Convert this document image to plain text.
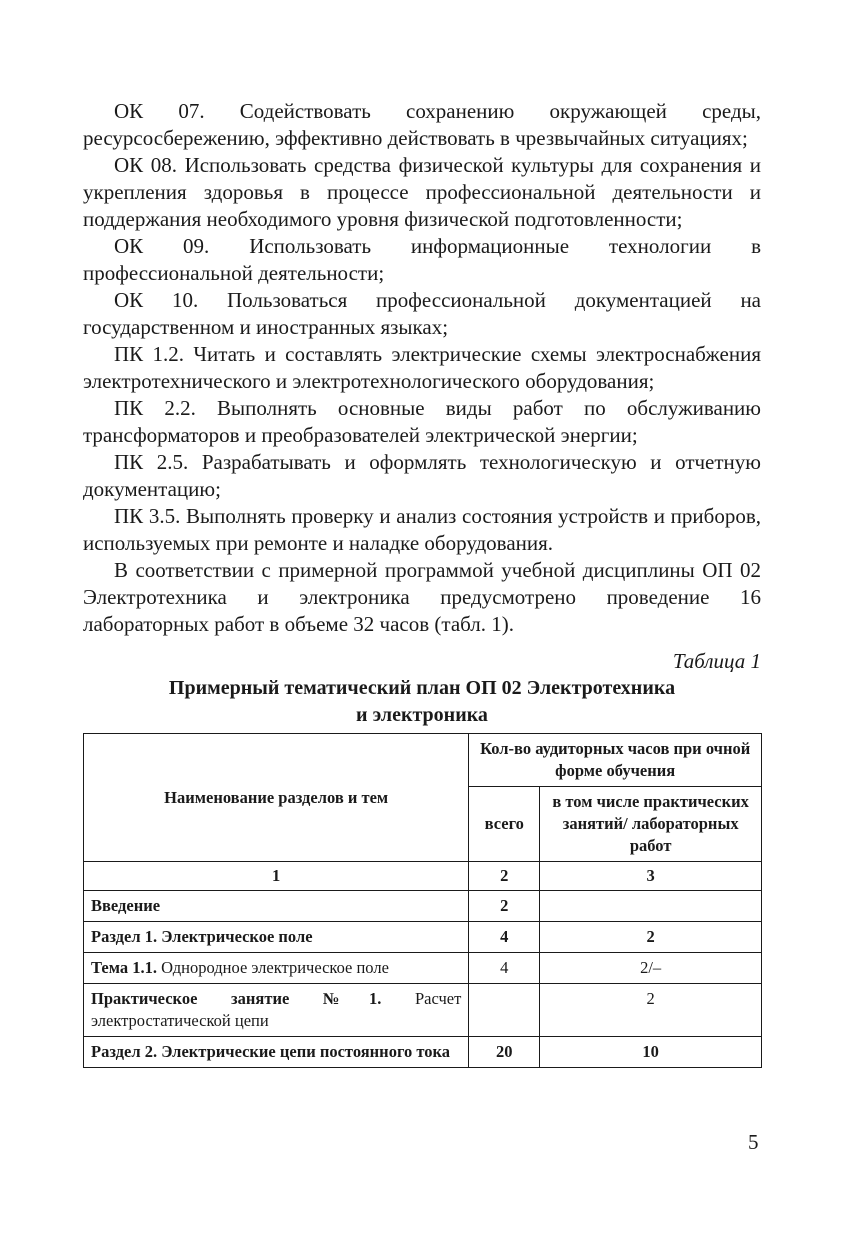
ОК 07. Содействовать сохранению окружающей среды, ресурсосбережению, эффективно действовать в чрезвычайных ситуациях;

ОК 08. Использовать средства физической культуры для сохранения и укрепления здоровья в процессе профессиональной деятельности и поддержания необходимого уровня физической подготовленности;

ОК 09. Использовать информационные технологии в профессиональной деятельности;

ОК 10. Пользоваться профессиональной документацией на государственном и иностранных языках;

ПК 1.2. Читать и составлять электрические схемы электроснабжения электротехнического и электротехнологического оборудования;

ПК 2.2. Выполнять основные виды работ по обслуживанию трансформаторов и преобразователей электрической энергии;

ПК 2.5. Разрабатывать и оформлять технологическую и отчетную документацию;

ПК 3.5. Выполнять проверку и анализ состояния устройств и приборов, используемых при ремонте и наладке оборудования.

В соответствии с примерной программой учебной дисциплины ОП 02 Электротехника и электроника предусмотрено проведение 16 лабораторных работ в объеме 32 часов (табл. 1).

Таблица 1

Примерный тематический план ОП 02 Электротехника
и электроника
Наименование разделов и тем	Кол-во аудиторных часов при очной форме обучения	
	всего	в том числе практических занятий/ лабораторных работ
1	2	3
Введение	2	
Раздел 1. Электрическое поле	4	2
Тема 1.1. Однородное электрическое поле	4	2/–
Практическое занятие №1. Расчет электростатической цепи		2
Раздел 2. Электрические цепи постоянного тока	20	10
5
